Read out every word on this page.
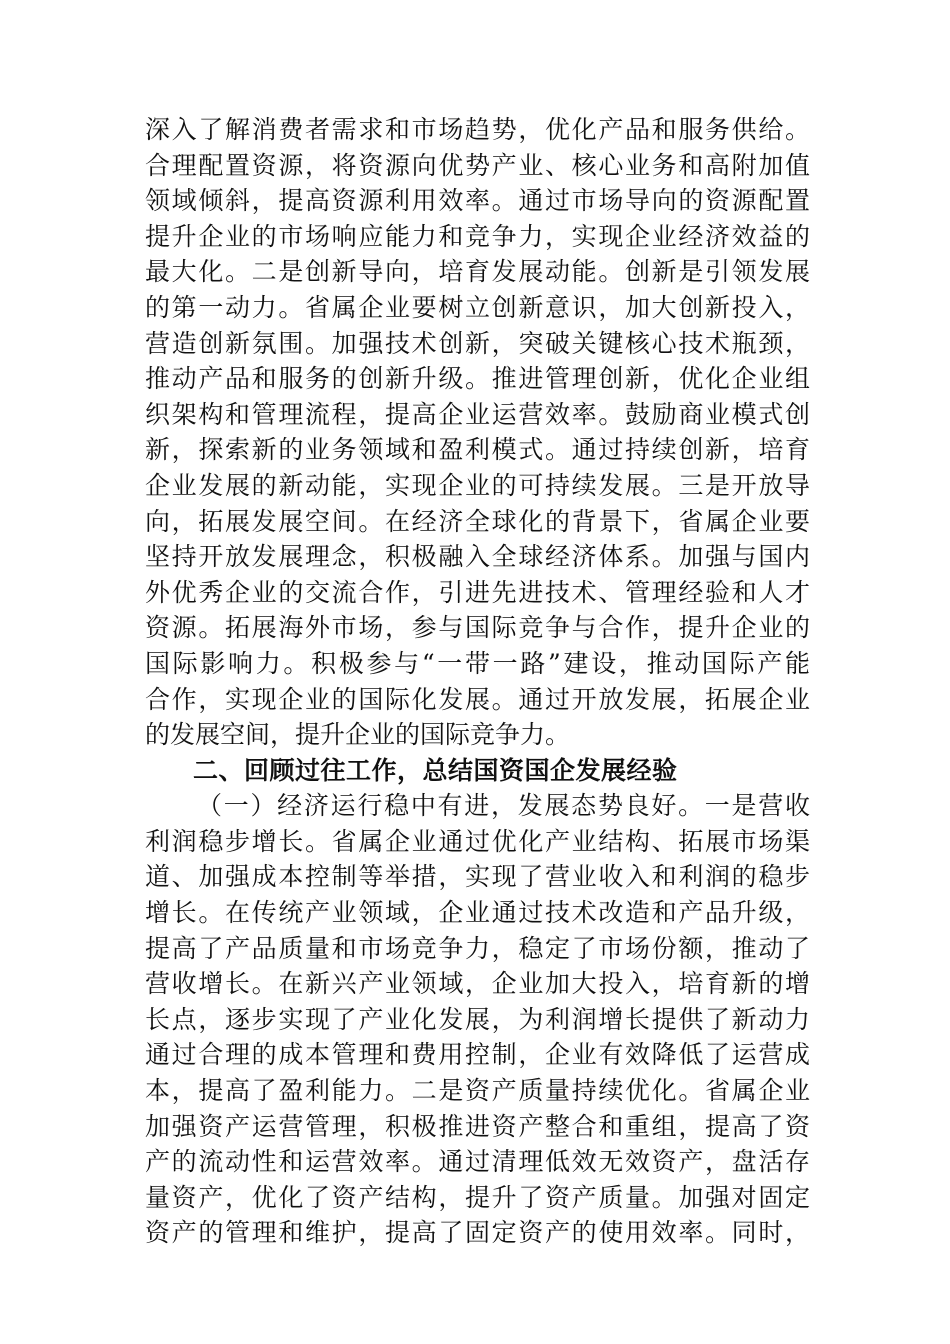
深入了解消费者需求和市场趋势，优化产品和服务供给。
合理配置资源，将资源向优势产业、核心业务和高附加值
领域倾斜，提高资源利用效率。通过市场导向的资源配置
提升企业的市场响应能力和竞争力，实现企业经济效益的
最大化。二是创新导向，培育发展动能。创新是引领发展
的第一动力。省属企业要树立创新意识，加大创新投入，
营造创新氛围。加强技术创新，突破关键核心技术瓶颈，
推动产品和服务的创新升级。推进管理创新，优化企业组
织架构和管理流程，提高企业运营效率。鼓励商业模式创
新，探索新的业务领域和盈利模式。通过持续创新，培育
企业发展的新动能，实现企业的可持续发展。三是开放导
向，拓展发展空间。在经济全球化的背景下，省属企业要
坚持开放发展理念，积极融入全球经济体系。加强与国内
外优秀企业的交流合作，引进先进技术、管理经验和人才
资源。拓展海外市场，参与国际竞争与合作，提升企业的
国际影响力。积极参与“一带一路”建设，推动国际产能
合作，实现企业的国际化发展。通过开放发展，拓展企业
的发展空间，提升企业的国际竞争力。
二、回顾过往工作，总结国资国企发展经验
（一）经济运行稳中有进，发展态势良好。一是营收
利润稳步增长。省属企业通过优化产业结构、拓展市场渠
道、加强成本控制等举措，实现了营业收入和利润的稳步
增长。在传统产业领域，企业通过技术改造和产品升级，
提高了产品质量和市场竞争力，稳定了市场份额，推动了
营收增长。在新兴产业领域，企业加大投入，培育新的增
长点，逐步实现了产业化发展，为利润增长提供了新动力
通过合理的成本管理和费用控制，企业有效降低了运营成
本，提高了盈利能力。二是资产质量持续优化。省属企业
加强资产运营管理，积极推进资产整合和重组，提高了资
产的流动性和运营效率。通过清理低效无效资产，盘活存
量资产，优化了资产结构，提升了资产质量。加强对固定
资产的管理和维护，提高了固定资产的使用效率。同时，
